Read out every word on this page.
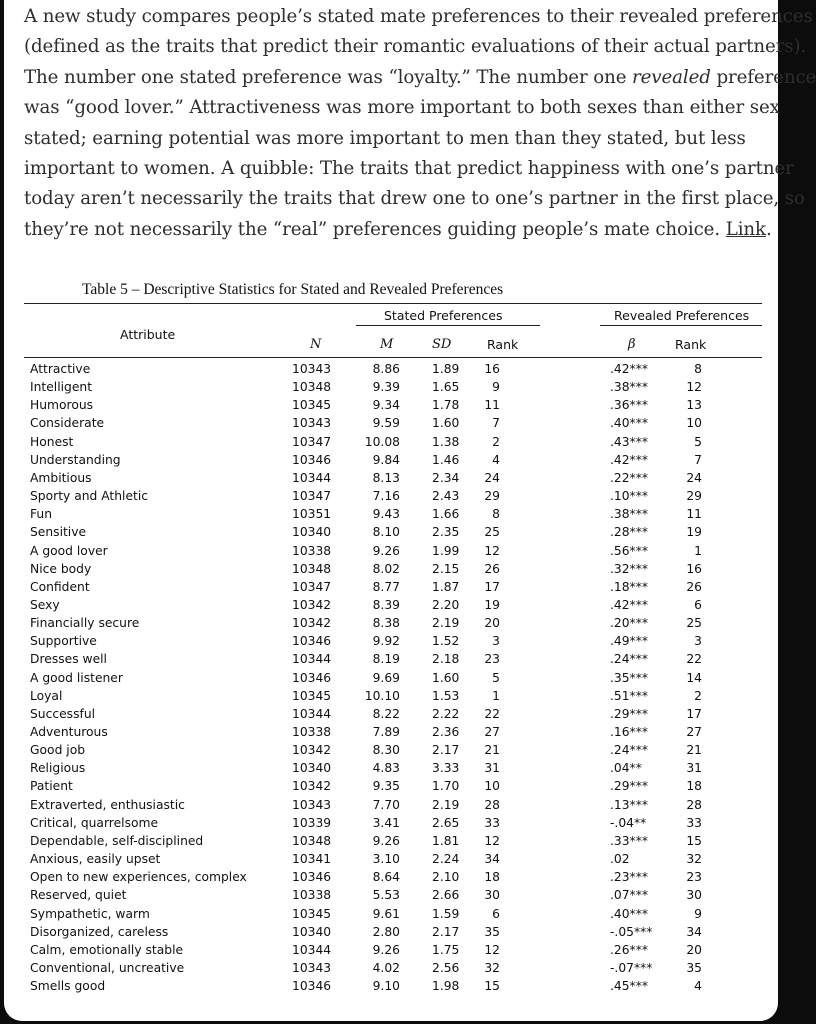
A new study compares people’s stated mate preferences to their revealed preferences
(defined as the traits that predict their romantic evaluations of their actual partners).
The number one stated preference was “loyalty.” The number one revealed preference
was “good lover.” Attractiveness was more important to both sexes than either sex
stated; earning potential was more important to men than they stated, but less
important to women. A quibble: The traits that predict happiness with one’s partner
today aren’t necessarily the traits that drew one to one’s partner in the first place, so
they’re not necessarily the “real” preferences guiding people’s mate choice. Link.
Table 5 – Descriptive Statistics for Stated and Revealed Preferences
Stated Preferences	Revealed Preferences
Attribute
N	M	SD	Rank	β	Rank
Attractive	10343	8.86	1.89 16	.42***	8
Intelligent	10348	9.39	1.65	9	.38***	12
Humorous	10345	9.34	1.78 11	.36***	13
Considerate	10343	9.59	1.60	7	.40***	10
Honest	10347	10.08	1.38	2	.43***	5
Understanding	10346	9.84	1.46	4	.42***	7
Ambitious	10344	8.13	2.34 24	.22***	24
Sporty and Athletic	10347	7.16	2.43 29	.10***	29
Fun	10351	9.43	1.66	8	.38***	11
Sensitive	10340	8.10	2.35 25	.28***	19
A good lover	10338	9.26	1.99 12	.56***	1
Nice body	10348	8.02	2.15 26	.32***	16
Confident	10347	8.77	1.87 17	.18***	26
Sexy	10342	8.39	2.20 19	.42***	6
Financially secure	10342	8.38	2.19 20	.20***	25
Supportive	10346	9.92	1.52	3	.49***	3
Dresses well	10344	8.19	2.18 23	.24***	22
A good listener	10346	9.69	1.60	5	.35***	14
Loyal	10345	10.10	1.53	1	.51***	2
Successful	10344	8.22	2.22 22	.29***	17
Adventurous	10338	7.89	2.36 27	.16***	27
Good job	10342	8.30	2.17 21	.24***	21
Religious	10340	4.83	3.33 31	.04**	31
Patient	10342	9.35	1.70 10	.29***	18
Extraverted, enthusiastic	10343	7.70	2.19 28	.13***	28
Critical, quarrelsome	10339	3.41	2.65 33	-.04**	33
Dependable, self-disciplined	10348	9.26	1.81 12	.33***	15
Anxious, easily upset	10341	3.10	2.24 34	.02	32
Open to new experiences, complex	10346	8.64	2.10 18	.23***	23
Reserved, quiet	10338	5.53	2.66 30	.07***	30
Sympathetic, warm	10345	9.61	1.59	6	.40***	9
Disorganized, careless	10340	2.80	2.17 35	-.05***	34
Calm, emotionally stable	10344	9.26	1.75 12	.26***	20
Conventional, uncreative	10343	4.02	2.56 32	-.07***	35
Smells good	10346	9.10	1.98 15	.45***	4
